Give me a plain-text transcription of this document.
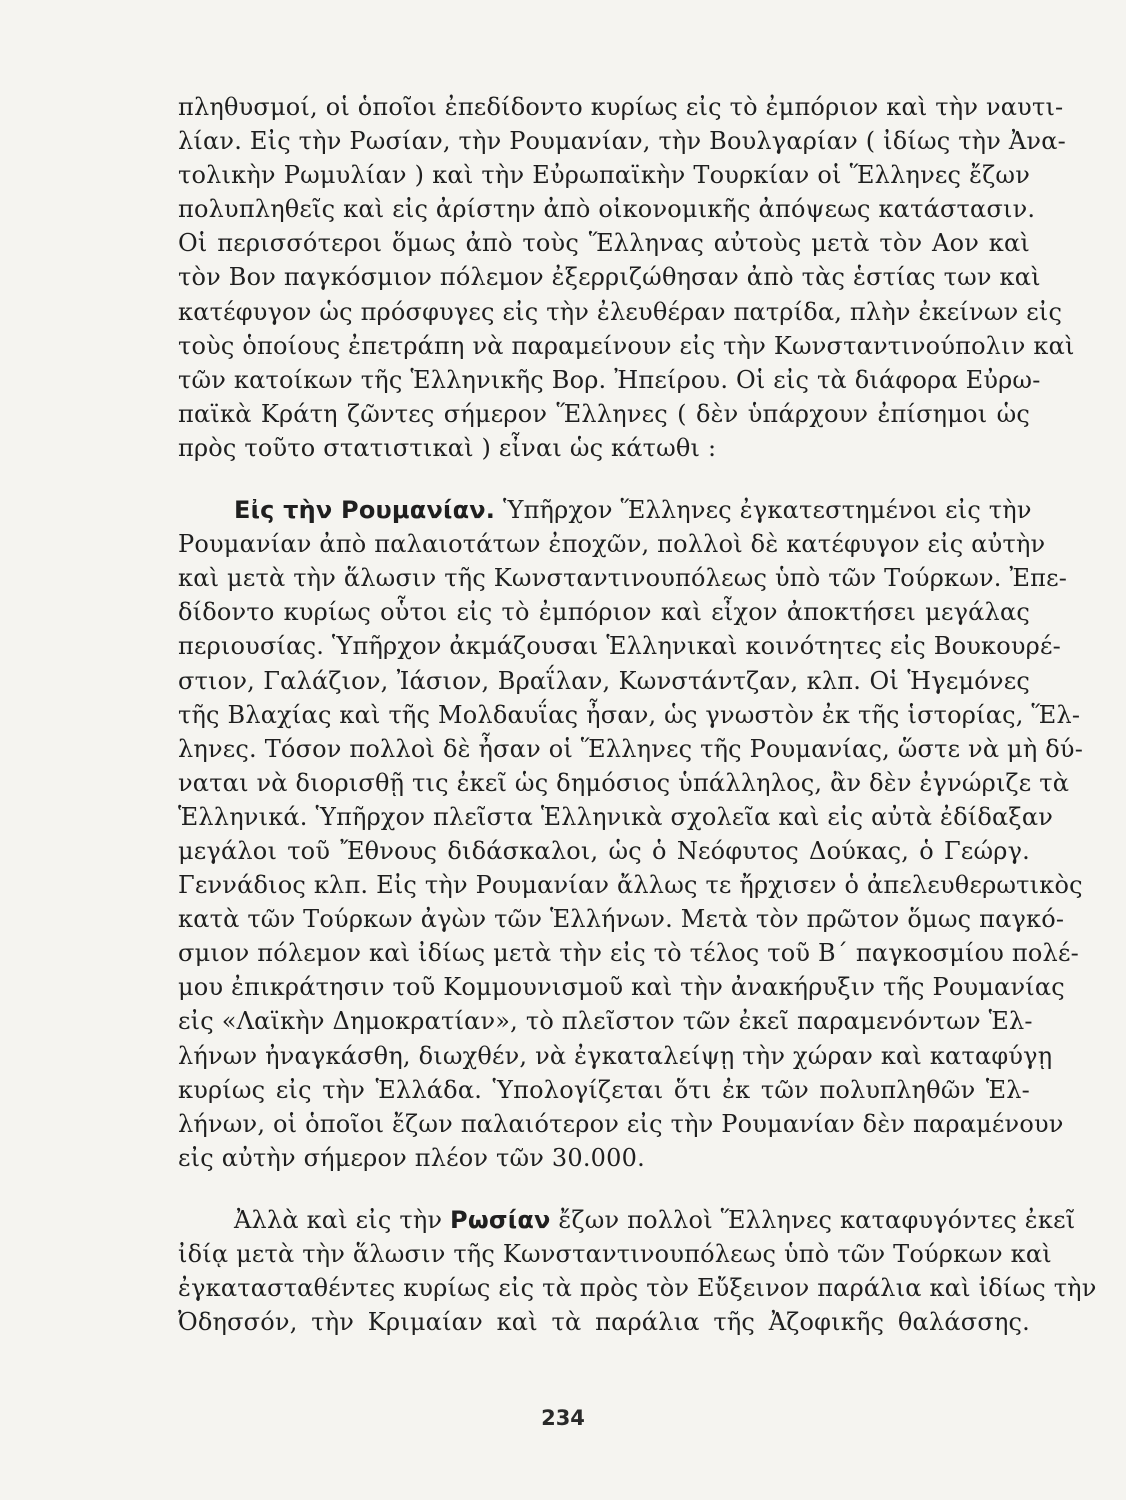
πληθυσμοί, οἱ ὁποῖοι ἐπεδίδοντο κυρίως εἰς τὸ ἐμπόριον καὶ τὴν ναυτι-
λίαν. Εἰς τὴν Ρωσίαν, τὴν Ρουμανίαν, τὴν Βουλγαρίαν ( ἰδίως τὴν Ἀνα-
τολικὴν Ρωμυλίαν ) καὶ τὴν Εὐρωπαϊκὴν Τουρκίαν οἱ Ἕλληνες ἔζων
πολυπληθεῖς καὶ εἰς ἀρίστην ἀπὸ οἰκονομικῆς ἀπόψεως κατάστασιν.
Οἱ περισσότεροι ὅμως ἀπὸ τοὺς Ἕλληνας αὐτοὺς μετὰ τὸν Αον καὶ
τὸν Βον παγκόσμιον πόλεμον ἐξερριζώθησαν ἀπὸ τὰς ἑστίας των καὶ
κατέφυγον ὡς πρόσφυγες εἰς τὴν ἐλευθέραν πατρίδα, πλὴν ἐκείνων εἰς
τοὺς ὁποίους ἐπετράπη νὰ παραμείνουν εἰς τὴν Κωνσταντινούπολιν καὶ
τῶν κατοίκων τῆς Ἑλληνικῆς Βορ. Ἠπείρου. Οἱ εἰς τὰ διάφορα Εὐρω-
παϊκὰ Κράτη ζῶντες σήμερον Ἕλληνες ( δὲν ὑπάρχουν ἐπίσημοι ὡς
πρὸς τοῦτο στατιστικαὶ ) εἶναι ὡς κάτωθι :
Εἰς τὴν Ρουμανίαν. Ὑπῆρχον Ἕλληνες ἐγκατεστημένοι εἰς τὴν
Ρουμανίαν ἀπὸ παλαιοτάτων ἐποχῶν, πολλοὶ δὲ κατέφυγον εἰς αὐτὴν
καὶ μετὰ τὴν ἅλωσιν τῆς Κωνσταντινουπόλεως ὑπὸ τῶν Τούρκων. Ἐπε-
δίδοντο κυρίως οὗτοι εἰς τὸ ἐμπόριον καὶ εἶχον ἀποκτήσει μεγάλας
περιουσίας. Ὑπῆρχον ἀκμάζουσαι Ἑλληνικαὶ κοινότητες εἰς Βουκουρέ-
στιον, Γαλάζιον, Ἰάσιον, Βραΐλαν, Κωνστάντζαν, κλπ. Οἱ Ἡγεμόνες
τῆς Βλαχίας καὶ τῆς Μολδαυΐας ἦσαν, ὡς γνωστὸν ἐκ τῆς ἱστορίας, Ἕλ-
ληνες. Τόσον πολλοὶ δὲ ἦσαν οἱ Ἕλληνες τῆς Ρουμανίας, ὥστε νὰ μὴ δύ-
ναται νὰ διορισθῇ τις ἐκεῖ ὡς δημόσιος ὑπάλληλος, ἂν δὲν ἐγνώριζε τὰ
Ἑλληνικά. Ὑπῆρχον πλεῖστα Ἑλληνικὰ σχολεῖα καὶ εἰς αὐτὰ ἐδίδαξαν
μεγάλοι τοῦ Ἔθνους διδάσκαλοι, ὡς ὁ Νεόφυτος Δούκας, ὁ Γεώργ.
Γεννάδιος κλπ. Εἰς τὴν Ρουμανίαν ἄλλως τε ἤρχισεν ὁ ἀπελευθερωτικὸς
κατὰ τῶν Τούρκων ἀγὼν τῶν Ἑλλήνων. Μετὰ τὸν πρῶτον ὅμως παγκό-
σμιον πόλεμον καὶ ἰδίως μετὰ τὴν εἰς τὸ τέλος τοῦ Β΄ παγκοσμίου πολέ-
μου ἐπικράτησιν τοῦ Κομμουνισμοῦ καὶ τὴν ἀνακήρυξιν τῆς Ρουμανίας
εἰς «Λαϊκὴν Δημοκρατίαν», τὸ πλεῖστον τῶν ἐκεῖ παραμενόντων Ἑλ-
λήνων ἠναγκάσθη, διωχθέν, νὰ ἐγκαταλείψῃ τὴν χώραν καὶ καταφύγῃ
κυρίως εἰς τὴν Ἑλλάδα. Ὑπολογίζεται ὅτι ἐκ τῶν πολυπληθῶν Ἑλ-
λήνων, οἱ ὁποῖοι ἔζων παλαιότερον εἰς τὴν Ρουμανίαν δὲν παραμένουν
εἰς αὐτὴν σήμερον πλέον τῶν 30.000.
Ἀλλὰ καὶ εἰς τὴν Ρωσίαν ἔζων πολλοὶ Ἕλληνες καταφυγόντες ἐκεῖ
ἰδίᾳ μετὰ τὴν ἅλωσιν τῆς Κωνσταντινουπόλεως ὑπὸ τῶν Τούρκων καὶ
ἐγκατασταθέντες κυρίως εἰς τὰ πρὸς τὸν Εὔξεινον παράλια καὶ ἰδίως τὴν
Ὀδησσόν, τὴν Κριμαίαν καὶ τὰ παράλια τῆς Ἀζοφικῆς θαλάσσης.
234
